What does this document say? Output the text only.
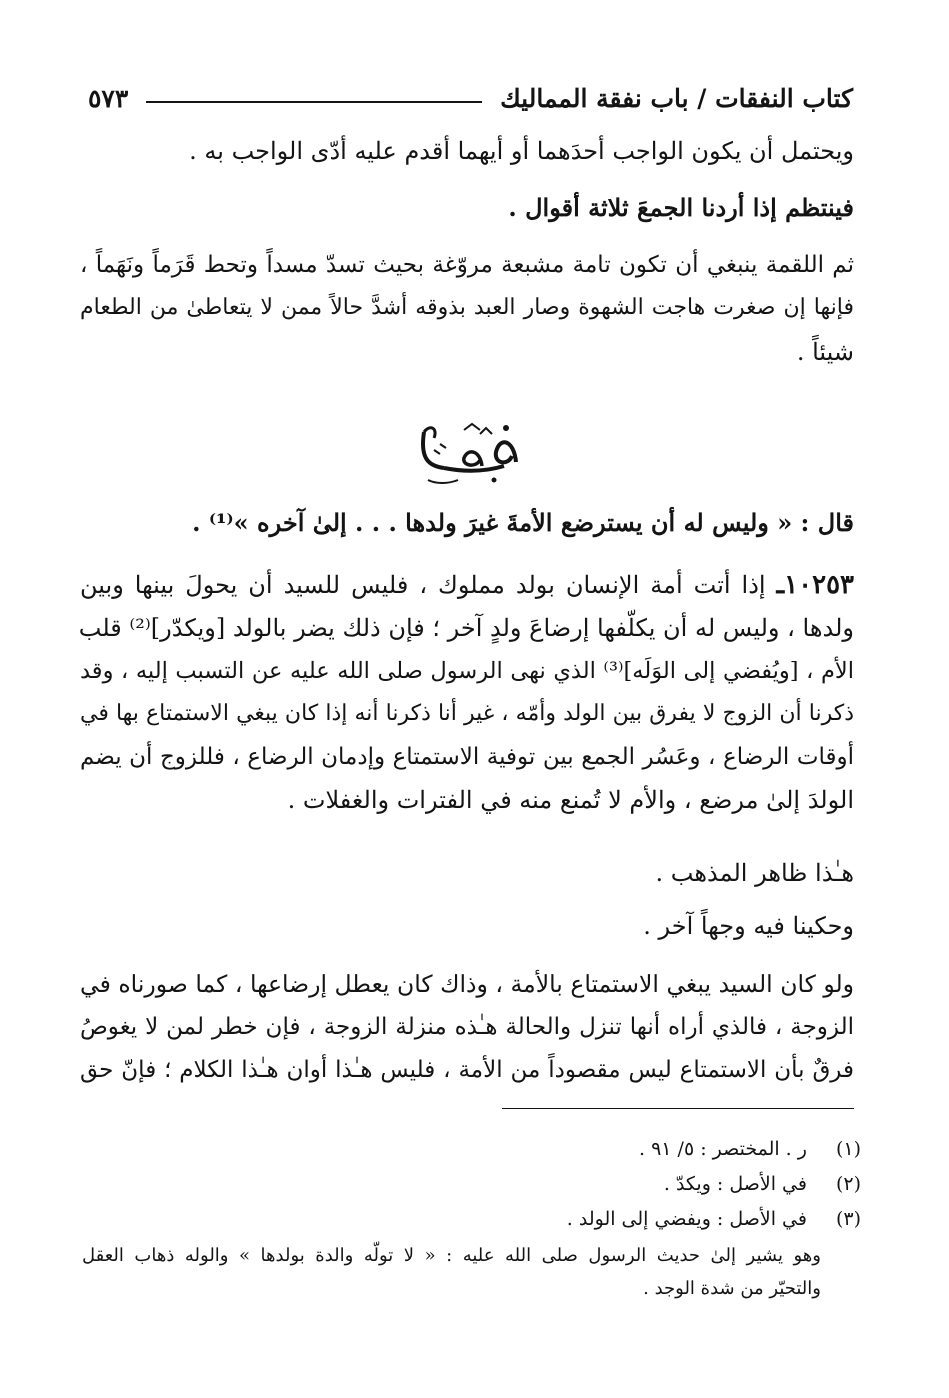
كتاب النفقات / باب نفقة المماليك
٥٧٣
ويحتمل أن يكون الواجب أحدَهما أو أيهما أقدم عليه أدّى الواجب به .
فينتظم إذا أردنا الجمعَ ثلاثة أقوال .
ثم اللقمة ينبغي أن تكون تامة مشبعة مروّغة بحيث تسدّ مسداً وتحط قَرَماً ونَهَماً ،
فإنها إن صغرت هاجت الشهوة وصار العبد بذوقه أشدَّ حالاً ممن لا يتعاطىٰ من الطعام
شيئاً .
قال : « وليس له أن يسترضع الأمةَ غيرَ ولدها . . . إلىٰ آخره »⁽¹⁾ .
١٠٢٥٣ـ إذا أتت أمة الإنسان بولد مملوك ، فليس للسيد أن يحولَ بينها وبين
ولدها ، وليس له أن يكلّفها إرضاعَ ولدٍ آخر ؛ فإن ذلك يضر بالولد [ويكدّر]⁽²⁾ قلب
الأم ، [ويُفضي إلى الوَلَه]⁽³⁾ الذي نهى الرسول صلى الله عليه عن التسبب إليه ، وقد
ذكرنا أن الزوج لا يفرق بين الولد وأمّه ، غير أنا ذكرنا أنه إذا كان يبغي الاستمتاع بها في
أوقات الرضاع ، وعَسُر الجمع بين توفية الاستمتاع وإدمان الرضاع ، فللزوج أن يضم
الولدَ إلىٰ مرضع ، والأم لا تُمنع منه في الفترات والغفلات .
هـٰذا ظاهر المذهب .
وحكينا فيه وجهاً آخر .
ولو كان السيد يبغي الاستمتاع بالأمة ، وذاك كان يعطل إرضاعها ، كما صورناه في
الزوجة ، فالذي أراه أنها تنزل والحالة هـٰذه منزلة الزوجة ، فإن خطر لمن لا يغوصُ
فرقٌ بأن الاستمتاع ليس مقصوداً من الأمة ، فليس هـٰذا أوان هـٰذا الكلام ؛ فإنّ حق
(١) ر . المختصر : ٥/ ٩١ .
(٢) في الأصل : ويكدّ .
(٣) في الأصل : ويفضي إلى الولد .
وهو يشير إلىٰ حديث الرسول صلى الله عليه : « لا تولّه والدة بولدها » والوله ذهاب العقل
والتحيّر من شدة الوجد .
